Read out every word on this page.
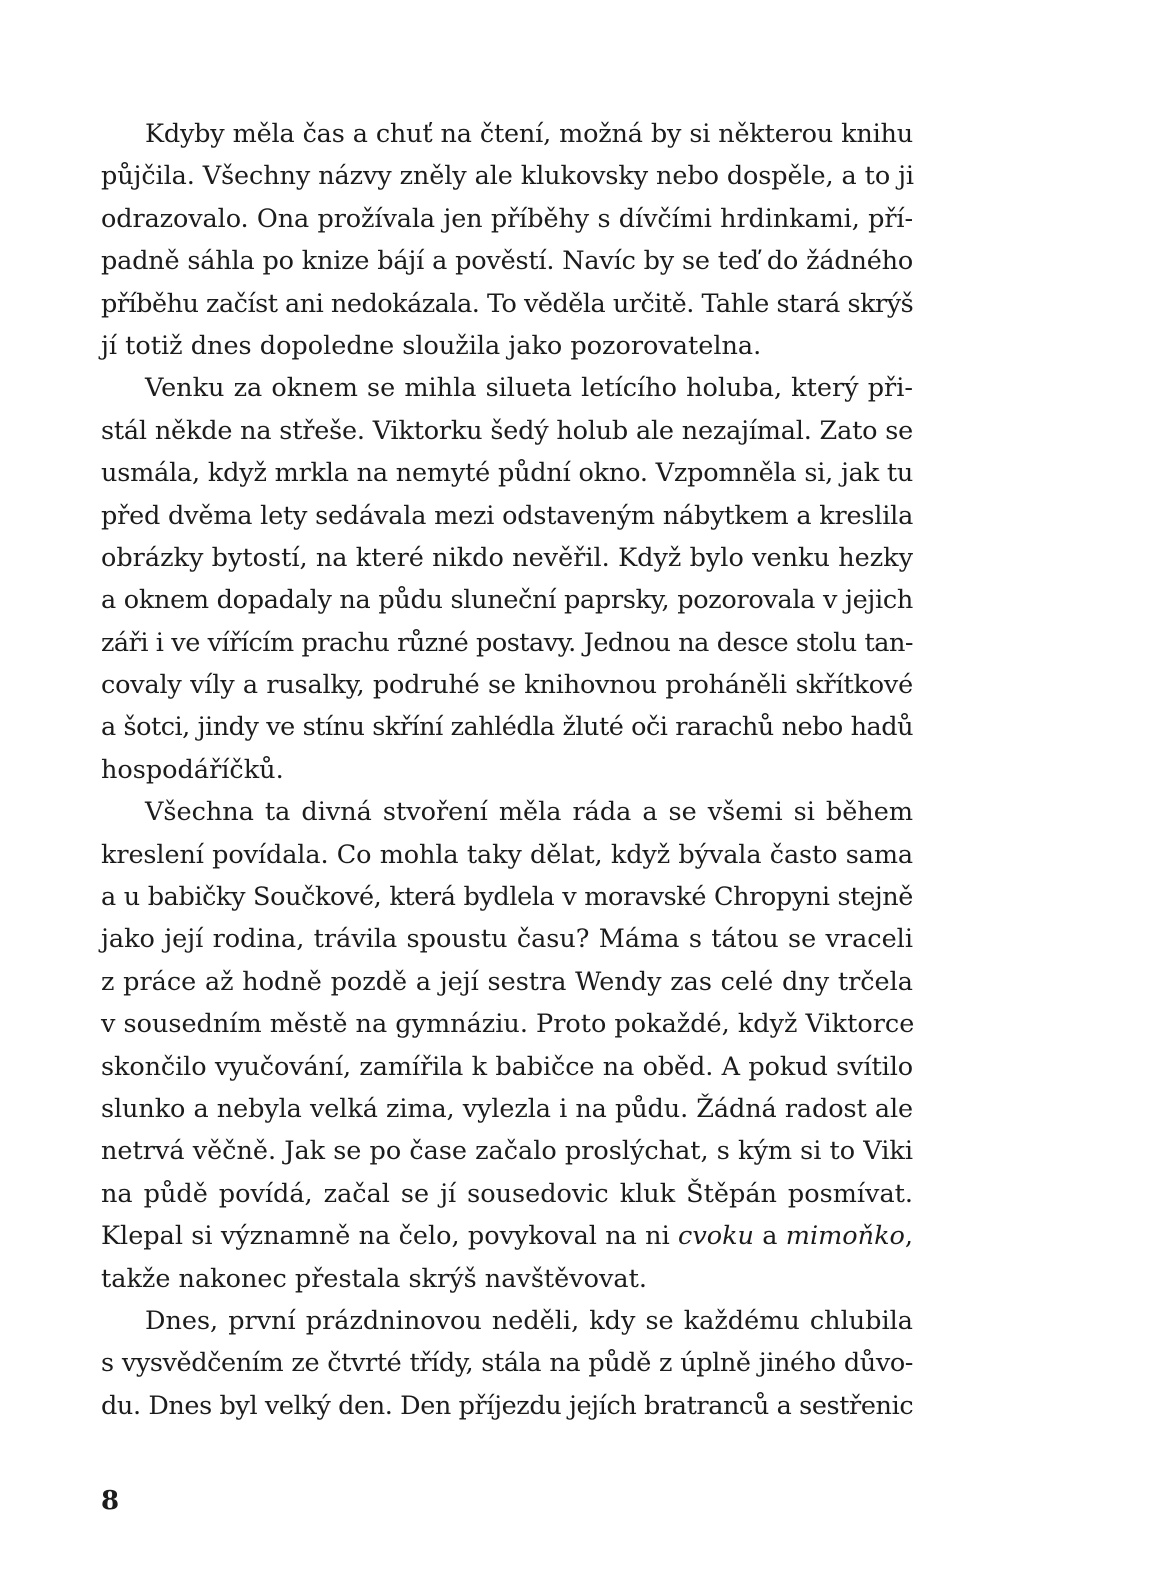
Kdyby měla čas a chuť na čtení, možná by si některou knihu
půjčila. Všechny názvy zněly ale klukovsky nebo dospěle, a to ji
odrazovalo. Ona prožívala jen příběhy s dívčími hrdinkami, pří-
padně sáhla po knize bájí a pověstí. Navíc by se teď do žádného
příběhu začíst ani nedokázala. To věděla určitě. Tahle stará skrýš
jí totiž dnes dopoledne sloužila jako pozorovatelna.
Venku za oknem se mihla silueta letícího holuba, který při-
stál někde na střeše. Viktorku šedý holub ale nezajímal. Zato se
usmála, když mrkla na nemyté půdní okno. Vzpomněla si, jak tu
před dvěma lety sedávala mezi odstaveným nábytkem a kreslila
obrázky bytostí, na které nikdo nevěřil. Když bylo venku hezky
a oknem dopadaly na půdu sluneční paprsky, pozorovala v jejich
záři i ve vířícím prachu různé postavy. Jednou na desce stolu tan-
covaly víly a rusalky, podruhé se knihovnou proháněli skřítkové
a šotci, jindy ve stínu skříní zahlédla žluté oči rarachů nebo hadů
hospodáříčků.
Všechna ta divná stvoření měla ráda a se všemi si během
kreslení povídala. Co mohla taky dělat, když bývala často sama
a u babičky Součkové, která bydlela v moravské Chropyni stejně
jako její rodina, trávila spoustu času? Máma s tátou se vraceli
z práce až hodně pozdě a její sestra Wendy zas celé dny trčela
v sousedním městě na gymnáziu. Proto pokaždé, když Viktorce
skončilo vyučování, zamířila k babičce na oběd. A pokud svítilo
slunko a nebyla velká zima, vylezla i na půdu. Žádná radost ale
netrvá věčně. Jak se po čase začalo proslýchat, s kým si to Viki
na půdě povídá, začal se jí sousedovic kluk Štěpán posmívat.
Klepal si významně na čelo, povykoval na ni cvoku a mimoňko,
takže nakonec přestala skrýš navštěvovat.
Dnes, první prázdninovou neděli, kdy se každému chlubila
s vysvědčením ze čtvrté třídy, stála na půdě z úplně jiného důvo-
du. Dnes byl velký den. Den příjezdu jejích bratranců a sestřenic
8
